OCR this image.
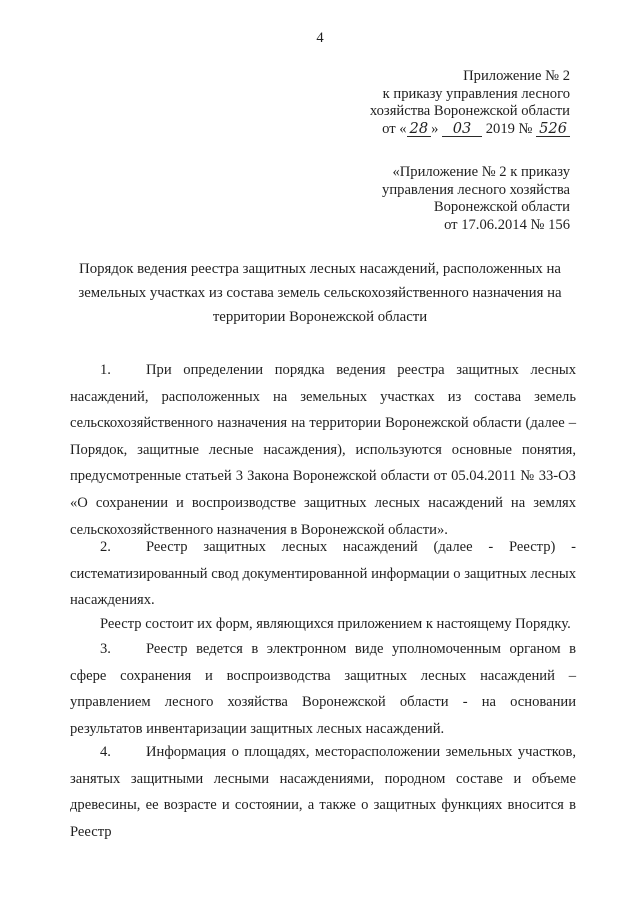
4
Приложение № 2
к приказу управления лесного
хозяйства Воронежской области
от « 28 » 03 2019 № 526
«Приложение № 2 к приказу
управления лесного хозяйства
Воронежской области
от 17.06.2014 № 156
Порядок ведения реестра защитных лесных насаждений, расположенных на земельных участках из состава земель сельскохозяйственного назначения на территории Воронежской области

1. При определении порядка ведения реестра защитных лесных насаждений, расположенных на земельных участках из состава земель сельскохозяйственного назначения на территории Воронежской области (далее – Порядок, защитные лесные насаждения), используются основные понятия, предусмотренные статьей 3 Закона Воронежской области от 05.04.2011 № 33-ОЗ «О сохранении и воспроизводстве защитных лесных насаждений на землях сельскохозяйственного назначения в Воронежской области».

2. Реестр защитных лесных насаждений (далее - Реестр) - систематизированный свод документированной информации о защитных лесных насаждениях.

Реестр состоит их форм, являющихся приложением к настоящему Порядку.

3. Реестр ведется в электронном виде уполномоченным органом в сфере сохранения и воспроизводства защитных лесных насаждений – управлением лесного хозяйства Воронежской области - на основании результатов инвентаризации защитных лесных насаждений.

4. Информация о площадях, месторасположении земельных участков, занятых защитными лесными насаждениями, породном составе и объеме древесины, ее возрасте и состоянии, а также о защитных функциях вносится в Реестр
